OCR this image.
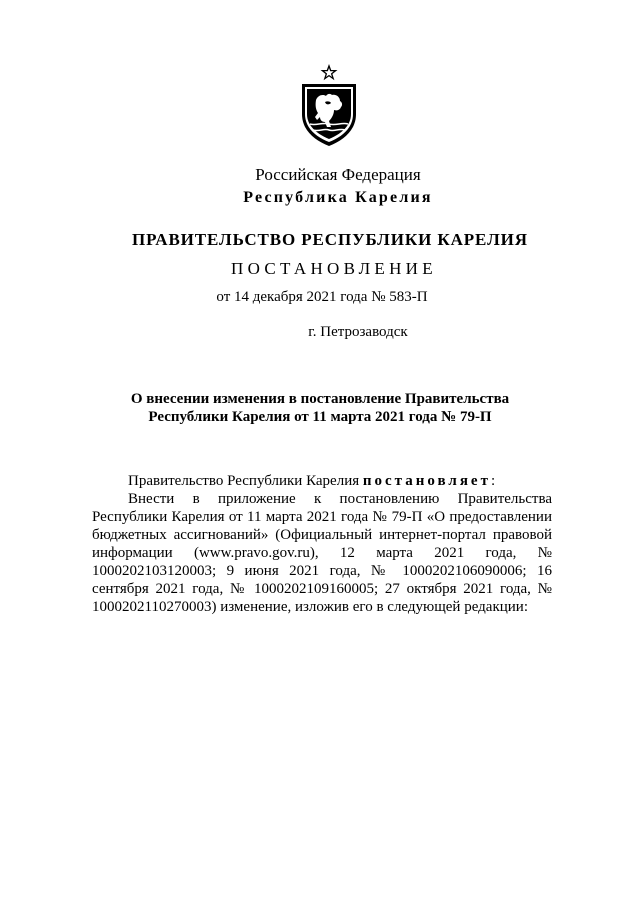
Российская Федерация
Республика Карелия
ПРАВИТЕЛЬСТВО РЕСПУБЛИКИ КАРЕЛИЯ
ПОСТАНОВЛЕНИЕ
от 14 декабря 2021 года № 583-П
г. Петрозаводск
О внесении изменения в постановление Правительства
Республики Карелия от 11 марта 2021 года № 79-П

Правительство Республики Карелия постановляет:

Внести в приложение к постановлению Правительства Республики Карелия от 11 марта 2021 года № 79-П «О предоставлении бюджетных ассигнований» (Официальный интернет-портал правовой информации (www.pravo.gov.ru), 12 марта 2021 года, № 1000202103120003; 9 июня 2021 года, № 1000202106090006; 16 сентября 2021 года, № 1000202109160005; 27 октября 2021 года, № 1000202110270003) изменение, изложив его в следующей редакции:
